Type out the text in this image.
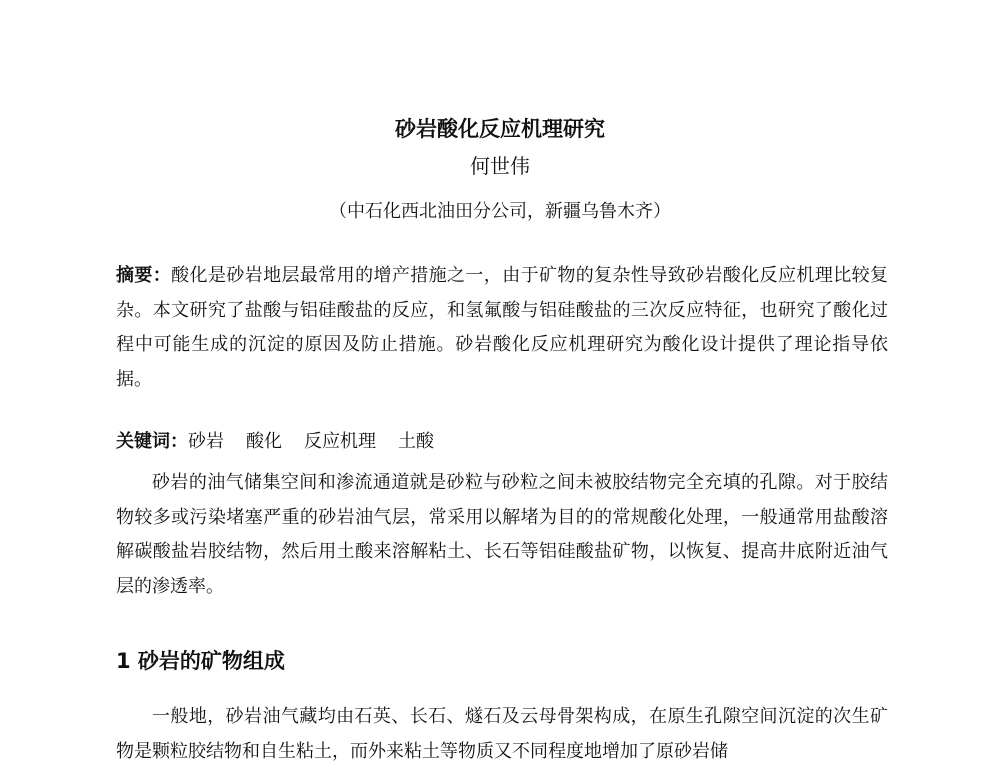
砂岩酸化反应机理研究
何世伟
（中石化西北油田分公司，新疆乌鲁木齐）
摘要：酸化是砂岩地层最常用的增产措施之一，由于矿物的复杂性导致砂岩酸化反应机理比较复杂。本文研究了盐酸与铝硅酸盐的反应，和氢氟酸与铝硅酸盐的三次反应特征，也研究了酸化过程中可能生成的沉淀的原因及防止措施。砂岩酸化反应机理研究为酸化设计提供了理论指导依据。
关键词：砂岩 酸化 反应机理 土酸
砂岩的油气储集空间和渗流通道就是砂粒与砂粒之间未被胶结物完全充填的孔隙。对于胶结物较多或污染堵塞严重的砂岩油气层，常采用以解堵为目的的常规酸化处理，一般通常用盐酸溶解碳酸盐岩胶结物，然后用土酸来溶解粘土、长石等铝硅酸盐矿物，以恢复、提高井底附近油气层的渗透率。
1 砂岩的矿物组成
一般地，砂岩油气藏均由石英、长石、燧石及云母骨架构成，在原生孔隙空间沉淀的次生矿物是颗粒胶结物和自生粘土，而外来粘土等物质又不同程度地增加了原砂岩储
